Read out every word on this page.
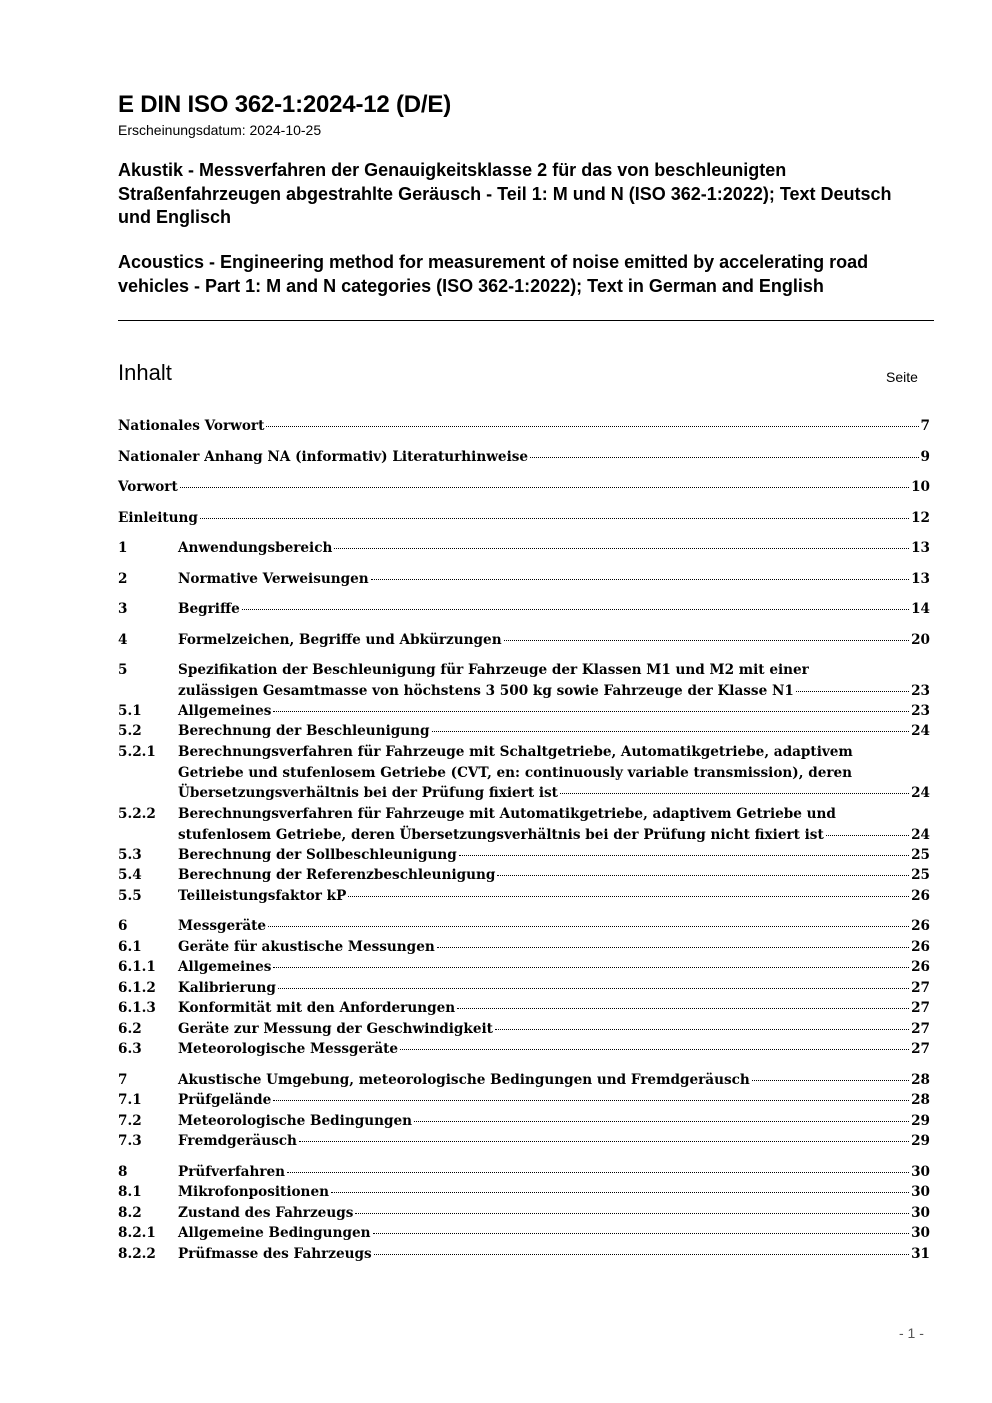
E DIN ISO 362-1:2024-12 (D/E)
Erscheinungsdatum: 2024-10-25
Akustik - Messverfahren der Genauigkeitsklasse 2 für das von beschleunigten Straßenfahrzeugen abgestrahlte Geräusch - Teil 1: M und N (ISO 362-1:2022); Text Deutsch und Englisch
Acoustics - Engineering method for measurement of noise emitted by accelerating road vehicles - Part 1: M and N categories (ISO 362-1:2022); Text in German and English
Inhalt	Seite
Nationales Vorwort	7
Nationaler Anhang NA (informativ) Literaturhinweise	9
Vorwort	10
Einleitung	12
1	Anwendungsbereich	13
2	Normative Verweisungen	13
3	Begriffe	14
4	Formelzeichen, Begriffe und Abkürzungen	20
5	Spezifikation der Beschleunigung für Fahrzeuge der Klassen M1 und M2 mit einer
zulässigen Gesamtmasse von höchstens 3 500 kg sowie Fahrzeuge der Klasse N1	23
5.1	Allgemeines	23
5.2	Berechnung der Beschleunigung	24
5.2.1 Berechnungsverfahren für Fahrzeuge mit Schaltgetriebe, Automatikgetriebe, adaptivem
Getriebe und stufenlosem Getriebe (CVT, en: continuously variable transmission), deren
Übersetzungsverhältnis bei der Prüfung fixiert ist	24
5.2.2 Berechnungsverfahren für Fahrzeuge mit Automatikgetriebe, adaptivem Getriebe und
stufenlosem Getriebe, deren Übersetzungsverhältnis bei der Prüfung nicht fixiert ist	24
5.3	Berechnung der Sollbeschleunigung	25
5.4	Berechnung der Referenzbeschleunigung	25
5.5	Teilleistungsfaktor kP	26
6	Messgeräte	26
6.1	Geräte für akustische Messungen	26
6.1.1 Allgemeines	26
6.1.2 Kalibrierung	27
6.1.3 Konformität mit den Anforderungen	27
6.2	Geräte zur Messung der Geschwindigkeit	27
6.3	Meteorologische Messgeräte	27
7	Akustische Umgebung, meteorologische Bedingungen und Fremdgeräusch	28
7.1	Prüfgelände	28
7.2	Meteorologische Bedingungen	29
7.3	Fremdgeräusch	29
8	Prüfverfahren	30
8.1	Mikrofonpositionen	30
8.2	Zustand des Fahrzeugs	30
8.2.1 Allgemeine Bedingungen	30
8.2.2 Prüfmasse des Fahrzeugs	31
- 1 -
